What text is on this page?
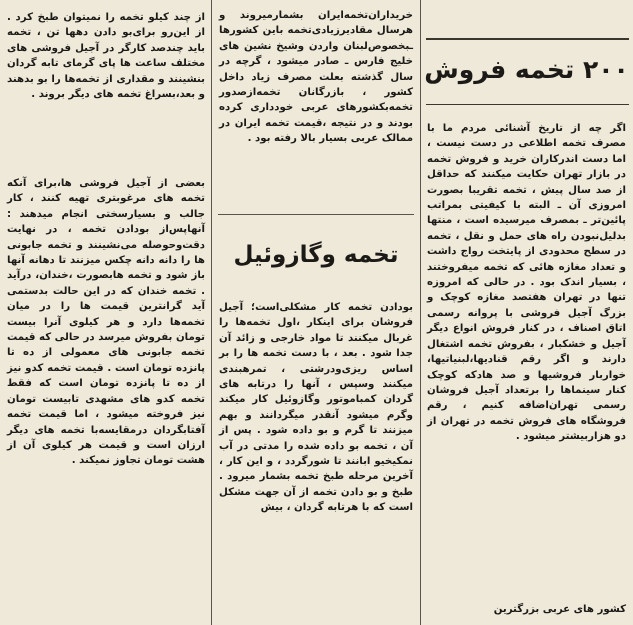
۲۰۰ تخمه فروش

اگر چه از تاریخ آشنائی مردم ما با مصرف تخمه اطلاعی در دست نیست ، اما دست اندرکاران خرید و فروش تخمه در بازار تهران حکایت میکنند که حداقل از صد سال پیش ، تخمه تقریبا بصورت امروزی آن ـ البته با کیفیتی بمراتب پائین‌تر ـ بمصرف میرسیده است ، منتها بدلیل‌نبودن راه های حمل و نقل ، تخمه در سطح محدودی از پایتخت رواج داشت و تعداد مغازه هائی که تخمه میفروختند ، بسیار اندک بود . در حالی که امروزه تنها در تهران هفتصد مغازه کوچک و بزرگ آجیل فروشی با پروانه رسمی اتاق اصناف ، در کنار فروش انواع دیگر آجیل و خشکبار ، بفروش تخمه اشتغال دارند و اگر رقم قنادیها،لبنیاتیها، خواربار فروشیها و صد هادکه کوچک کنار سینماها را برتعداد آجیل فروشان رسمی تهران‌اضافه کنیم ، رقم فروشگاه های فروش تخمه در تهران از دو هزاربیشتر میشود .

کشور های عربی بزرگترین

خریداران‌تخمه‌ایران بشمارمیروند و هرسال مقادیرزیادی‌تخمه باین کشورها ـبخصوص‌لبنان واردن وشیخ نشین های خلیج فارس ـ صادر میشود ، گرچه در سال گذشته بعلت مصرف زیاد داخل کشور ، بازرگانان تخمه‌ازصدور تخمه‌بکشورهای عربی خودداری کرده بودند و در نتیجه ،قیمت تخمه ایران در ممالک عربی بسیار بالا رفته بود .

تخمه وگازوئیل

بوداد‌ن تخمه کار مشکلی‌است؛ آجیل فروشان برای اینکار ،اول تخمه‌ها را غربال میکنند تا مواد خارجی و زائد آن جدا شود . بعد ، با دست تخمه ها را بر اساس ریزی‌ودرشتی ، تمرهبندی میکنند وسپس ، آنها را درتابه های گردان کمباموتور وگازوئیل کار میکند وگرم میشود آنقدر میگردانند و بهم میزنند تا گرم و بو داده شود . پس از آن ، تخمه بو داده شده را مدتی در آب نمکیخیو ابانند تا شورگردد ، و این کار ، آخرین مرحله طبخ تخمه بشمار میرود . طبخ و بو دادن تخمه از آن جهت مشکل است که با هرتابه گردان ، بیش

از چند کیلو تخمه را نمیتوان طبخ کرد . از این‌رو برای‌بو دادن دهها تن ، تخمه باید چندصد کارگر در آجیل فروشی های مختلف ساعت ها پای گرمای تابه گردان بنشینند و مقداری از تخمه‌ها را بو بدهند و بعد،بسراغ تخمه های دیگر بروند .

بعضی از آجیل فروشی ها،برای آنکه تخمه های مرغوبتری تهیه کنند ، کار جالب و بسیارسختی انجام میدهند : آنهاپس‌از بوداد‌ن تخمه ، در نهایت دقت‌وحوصله می‌نشینند و تخمه جابونی ها را دانه دانه چکس میزنند تا دهانه آنها باز شود و تخمه هابصورت ،خندان، درآید . تخمه خندان که در این حالت بدستمی آید گرانترین قیمت ها را در میان تخمه‌ها دارد و هر کیلوی آنرا بیست تومان بفروش میرسد در حالی که قیمت تخمه جابونی های معمولی از ده تا پانزده تومان است . قیمت تخمه کدو نیز از ده تا پانزده تومان است که فقط تخمه کدو های مشهدی تابیست تومان نیز فروخته میشود ، اما قیمت تخمه آفتابگردان درمقایسه‌با تخمه های دیگر ارزان است و قیمت هر کیلوی آن از هشت تومان تجاوز نمیکند .
